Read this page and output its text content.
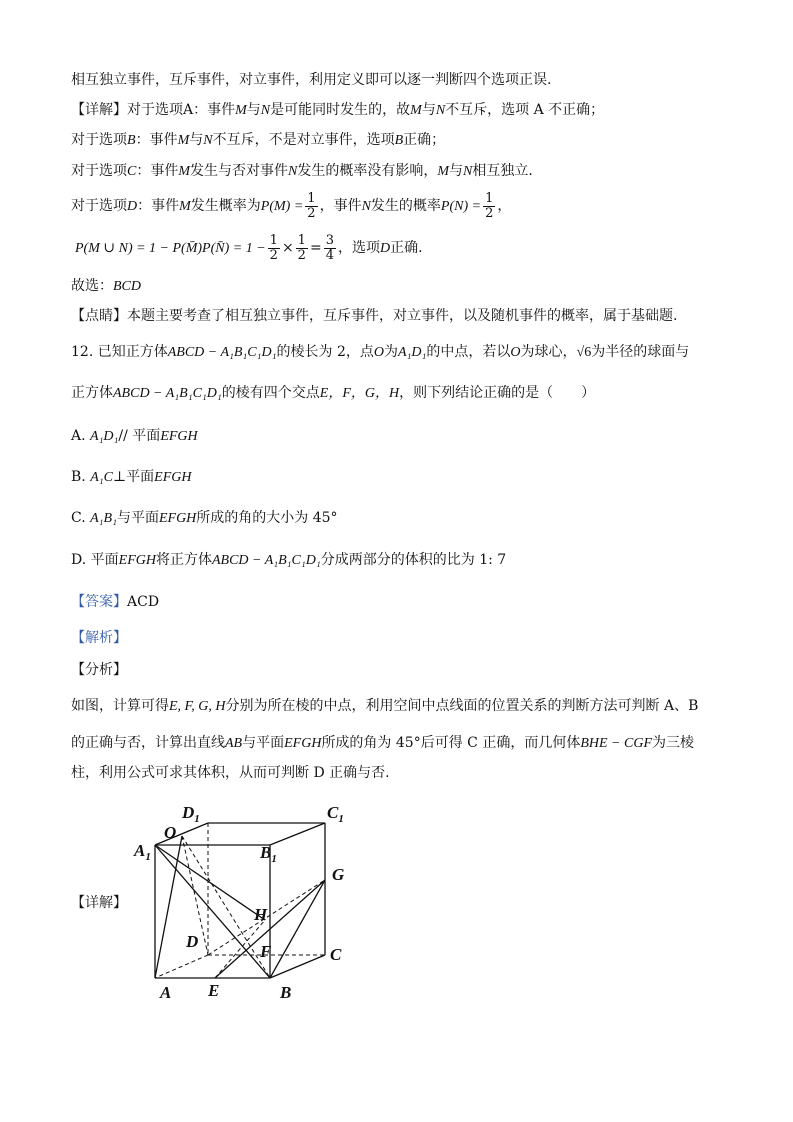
相互独立事件，互斥事件，对立事件，利用定义即可以逐一判断四个选项正误.
【详解】对于选项A：事件M与N是可能同时发生的，故M与N不互斥，选项 A 不正确；
对于选项B：事件M与N不互斥，不是对立事件，选项B正确；
对于选项C：事件M发生与否对事件N发生的概率没有影响，M与N相互独立.
对于选项D：事件M发生概率为$P(M) = \frac{1}{2}$ ，事件N发生的概率$P(N) = \frac{1}{2}$ ，
P(M ∪ N) = 1 − P(M̄)P(N̄) = $1 - \frac{1}{2} \times \frac{1}{2} = \frac{3}{4}$ ，选项D正确.
故选：BCD
【点睛】本题主要考查了相互独立事件，互斥事件，对立事件，以及随机事件的概率，属于基础题.
12. 已知正方体ABCD − A₁B₁C₁D₁的棱长为 2，点O为A₁D₁的中点，若以O为球心，√6为半径的球面与
正方体ABCD − A₁B₁C₁D₁的棱有四个交点E，F，G，H，则下列结论正确的是（　　）
A. A₁D₁// 平面EFGH
B. A₁C⊥平面EFGH
C. A₁B₁与平面EFGH所成的角的大小为 45°
D. 平面EFGH将正方体ABCD − A₁B₁C₁D₁分成两部分的体积的比为 1: 7
【答案】ACD
【解析】
【分析】
如图，计算可得E, F, G, H分别为所在棱的中点，利用空间中点线面的位置关系的判断方法可判断 A、B
的正确与否，计算出直线AB与平面EFGH所成的角为 45°后可得 C 正确，而几何体BHE − CGF为三棱
柱，利用公式可求其体积，从而可判断 D 正确与否.
【详解】
$D_1$	$C_1$
O
$A_1$	$B_1$
G
H
D
F	C
A E	B
